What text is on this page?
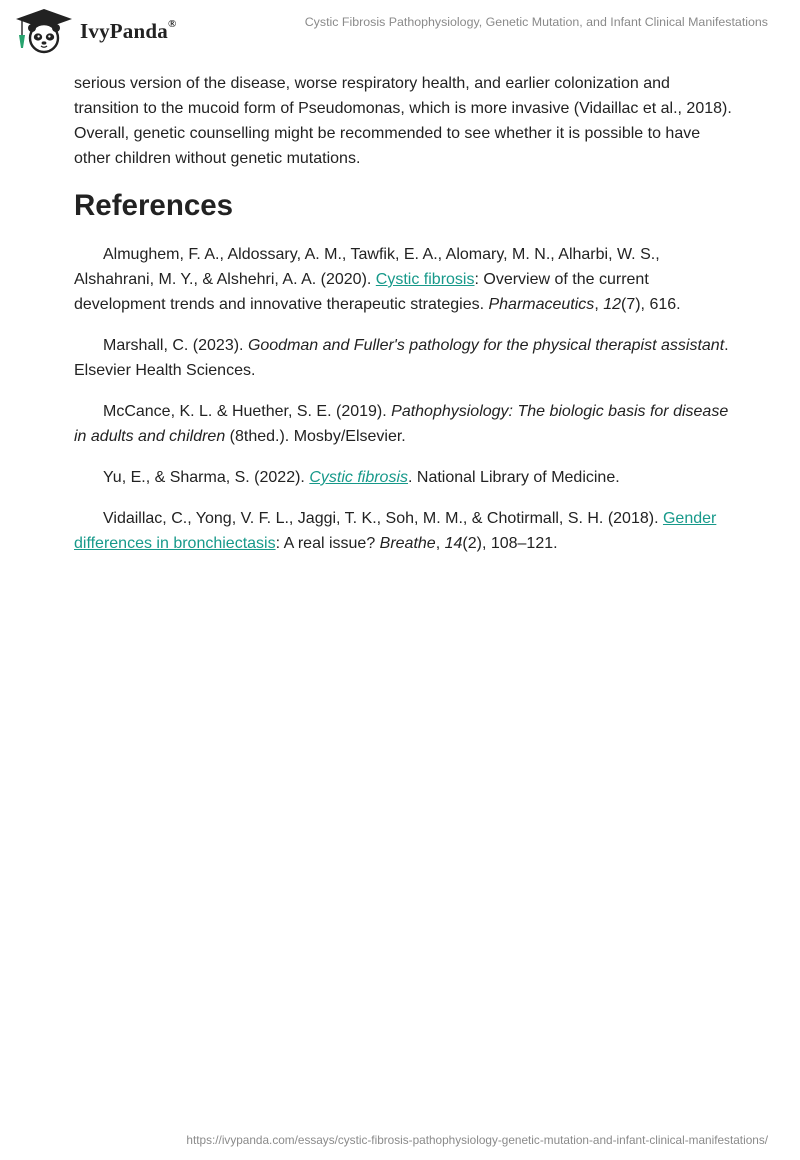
IvyPanda®	Cystic Fibrosis Pathophysiology, Genetic Mutation, and Infant Clinical Manifestations

serious version of the disease, worse respiratory health, and earlier colonization and transition to the mucoid form of Pseudomonas, which is more invasive (Vidaillac et al., 2018). Overall, genetic counselling might be recommended to see whether it is possible to have other children without genetic mutations.

References

Almughem, F. A., Aldossary, A. M., Tawfik, E. A., Alomary, M. N., Alharbi, W. S., Alshahrani, M. Y., & Alshehri, A. A. (2020). Cystic fibrosis: Overview of the current development trends and innovative therapeutic strategies. Pharmaceutics, 12(7), 616.

Marshall, C. (2023). Goodman and Fuller's pathology for the physical therapist assistant. Elsevier Health Sciences.

McCance, K. L. & Huether, S. E. (2019). Pathophysiology: The biologic basis for disease in adults and children (8thed.). Mosby/Elsevier.

Yu, E., & Sharma, S. (2022). Cystic fibrosis. National Library of Medicine.

Vidaillac, C., Yong, V. F. L., Jaggi, T. K., Soh, M. M., & Chotirmall, S. H. (2018). Gender differences in bronchiectasis: A real issue? Breathe, 14(2), 108–121.

https://ivypanda.com/essays/cystic-fibrosis-pathophysiology-genetic-mutation-and-infant-clinical-manifestations/
